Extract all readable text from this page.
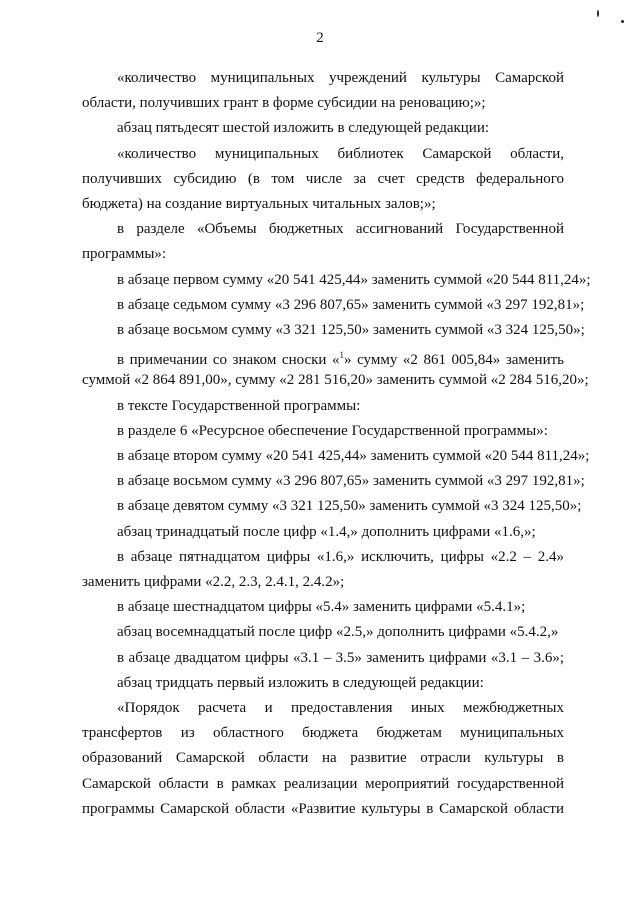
2
«количество муниципальных учреждений культуры Самарской
области, получивших грант в форме субсидии на реновацию;»;
абзац пятьдесят шестой изложить в следующей редакции:
«количество муниципальных библиотек Самарской области,
получивших субсидию (в том числе за счет средств федерального
бюджета) на создание виртуальных читальных залов;»;
в разделе «Объемы бюджетных ассигнований Государственной
программы»:
в абзаце первом сумму «20 541 425,44» заменить суммой «20 544 811,24»;
в абзаце седьмом сумму «3 296 807,65» заменить суммой «3 297 192,81»;
в абзаце восьмом сумму «3 321 125,50» заменить суммой «3 324 125,50»;
в примечании со знаком сноски «$^1$» сумму «2 861 005,84» заменить
суммой «2 864 891,00», сумму «2 281 516,20» заменить суммой «2 284 516,20»;
в тексте Государственной программы:
в разделе 6 «Ресурсное обеспечение Государственной программы»:
в абзаце втором сумму «20 541 425,44» заменить суммой «20 544 811,24»;
в абзаце восьмом сумму «3 296 807,65» заменить суммой «3 297 192,81»;
в абзаце девятом сумму «3 321 125,50» заменить суммой «3 324 125,50»;
абзац тринадцатый после цифр «1.4,» дополнить цифрами «1.6,»;
в абзаце пятнадцатом цифры «1.6,» исключить, цифры «2.2 – 2.4»
заменить цифрами «2.2, 2.3, 2.4.1, 2.4.2»;
в абзаце шестнадцатом цифры «5.4» заменить цифрами «5.4.1»;
абзац восемнадцатый после цифр «2.5,» дополнить цифрами «5.4.2,»
в абзаце двадцатом цифры «3.1 – 3.5» заменить цифрами «3.1 – 3.6»;
абзац тридцать первый изложить в следующей редакции:
«Порядок расчета и предоставления иных межбюджетных
трансфертов из областного бюджета бюджетам муниципальных
образований Самарской области на развитие отрасли культуры в
Самарской области в рамках реализации мероприятий государственной
программы Самарской области «Развитие культуры в Самарской области
